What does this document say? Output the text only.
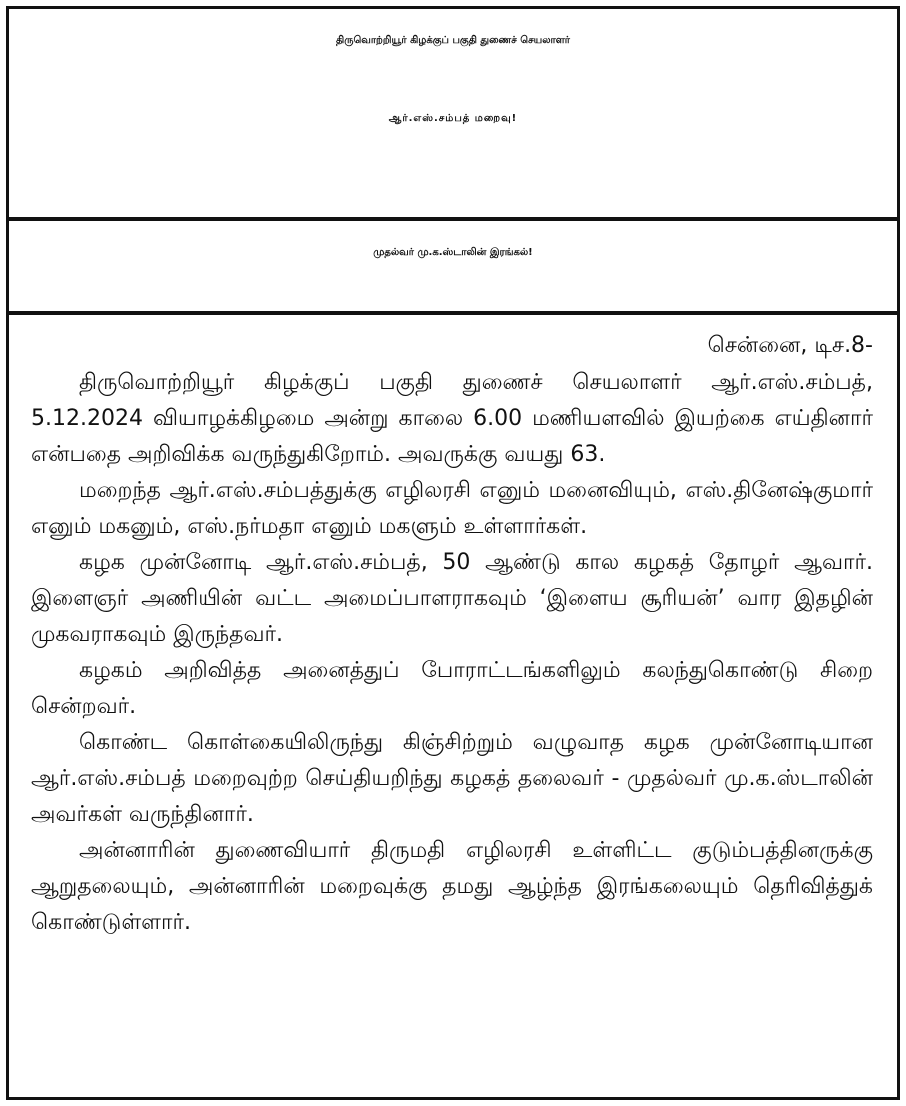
திருவொற்றியூர் கிழக்குப் பகுதி துணைச் செயலாளர்
ஆர்.எஸ்.சம்பத் மறைவு!
முதல்வர் மு.க.ஸ்டாலின் இரங்கல்!
சென்னை, டிச.8-

திருவொற்றியூர் கிழக்குப் பகுதி துணைச் செயலாளர் ஆர்.எஸ்.சம்பத், 5.12.2024 வியாழக்கிழமை அன்று காலை 6.00 மணியளவில் இயற்கை எய்தினார் என்பதை அறிவிக்க வருந்துகிறோம். அவருக்கு வயது 63.

மறைந்த ஆர்.எஸ்.சம்பத்துக்கு எழிலரசி எனும் மனைவியும், எஸ்.தினேஷ்குமார் எனும் மகனும், எஸ்.நர்மதா எனும் மகளும் உள்ளார்கள்.

கழக முன்னோடி ஆர்.எஸ்.சம்பத், 50 ஆண்டு கால கழகத் தோழர் ஆவார். இளைஞர் அணியின் வட்ட அமைப்பாளராகவும் ‘இளைய சூரியன்’ வார இதழின் முகவராகவும் இருந்தவர்.

கழகம் அறிவித்த அனைத்துப் போராட்டங்களிலும் கலந்துகொண்டு சிறை சென்றவர்.

கொண்ட கொள்கையிலிருந்து கிஞ்சிற்றும் வழுவாத கழக முன்னோடியான ஆர்.எஸ்.சம்பத் மறைவுற்ற செய்தியறிந்து கழகத் தலைவர் - முதல்வர் மு.க.ஸ்டாலின் அவர்கள் வருந்தினார்.

அன்னாரின் துணைவியார் திருமதி எழிலரசி உள்ளிட்ட குடும்பத்தினருக்கு ஆறுதலையும், அன்னாரின் மறைவுக்கு தமது ஆழ்ந்த இரங்கலையும் தெரிவித்துக் கொண்டுள்ளார்.
